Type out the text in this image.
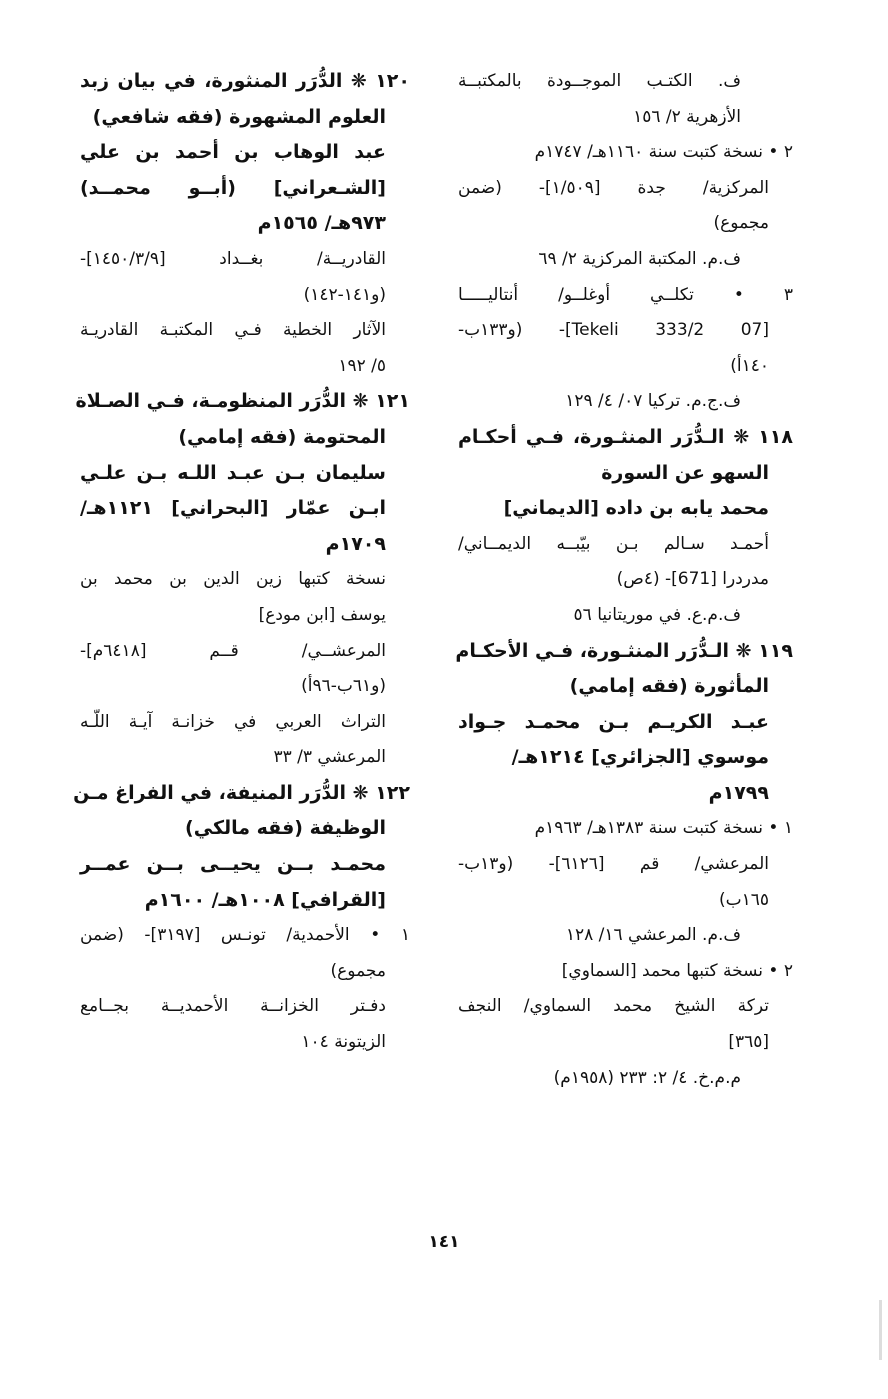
ف. الكتـب الموجــودة بالمكتبــة
الأزهرية ٢/ ١٥٦
٢ • نسخة كتبت سنة ١١٦٠هـ/ ١٧٤٧م
المركزية/ جدة [١/٥٠٩]- (ضمن
مجموع)
ف.م. المكتبة المركزية ٢/ ٦٩
٣ • تكلــي أوغلــو/ أنتاليـــــا
[07 Tekeli 333/2]- (و١٣٣ب-
١٤٠أ)
ف.ج.م. تركيا ٠٧/ ٤/ ١٢٩
١١٨ ❋ الـدُّرَر المنثـورة، فـي أحكـام
السهو عن السورة
محمد يابه بن داده [الديماني]
أحمـد سـالم بـن بيّبــه الديمــاني/
مدردرا [671]- (٤ص)
ف.م.ع. في موريتانيا ٥٦
١١٩ ❋ الـدُّرَر المنثـورة، فـي الأحكـام
المأثورة (فقه إمامي)
عبـد الكريـم بـن محمـد جـواد
موسوي [الجزائري] ١٢١٤هـ/
١٧٩٩م
١ • نسخة كتبت سنة ١٣٨٣هـ/ ١٩٦٣م
المرعشي/ قم [٦١٢٦]- (و١٣ب-
١٦٥ب)
ف.م. المرعشي ١٦/ ١٢٨
٢ • نسخة كتبها محمد [السماوي]
تركة الشيخ محمد السماوي/ النجف
[٣٦٥]
م.م.خ. ٤/ ٢: ٢٣٣ (١٩٥٨م)
١٢٠ ❋ الدُّرَر المنثورة، في بيان زبد
العلوم المشهورة (فقه شافعي)
عبد الوهاب بن أحمد بن علي
[الشـعراني] (أبــو محمــد)
٩٧٣هـ/ ١٥٦٥م
القادريــة/ بغــداد [١٤٥٠/٣/٩]-
(و١٤١-١٤٢)
الآثار الخطية فـي المكتبـة القادريـة
٥/ ١٩٢
١٢١ ❋ الدُّرَر المنظومـة، فـي الصـلاة
المحتومة (فقه إمامي)
سليمان بـن عبـد اللـه بـن علـي
ابـن عمّار [البحراني] ١١٢١هـ/
١٧٠٩م
نسخة كتبها زين الدين بن محمد بن
يوسف [ابن مودع]
المرعشــي/ قــم [٦٤١٨م]-
(و٦١ب-٩٦أ)
التراث العربي في خزانـة آيـة اللّـه
المرعشي ٣/ ٣٣
١٢٢ ❋ الدُّرَر المنيفة، في الفراغ مـن
الوظيفة (فقه مالكي)
محمـد بــن يحيــى بــن عمــر
[القرافي] ١٠٠٨هـ/ ١٦٠٠م
١ • الأحمدية/ تونـس [٣١٩٧]- (ضمن
مجموع)
دفـتر الخزانــة الأحمديــة بجــامع
الزيتونة ١٠٤
١٤١
